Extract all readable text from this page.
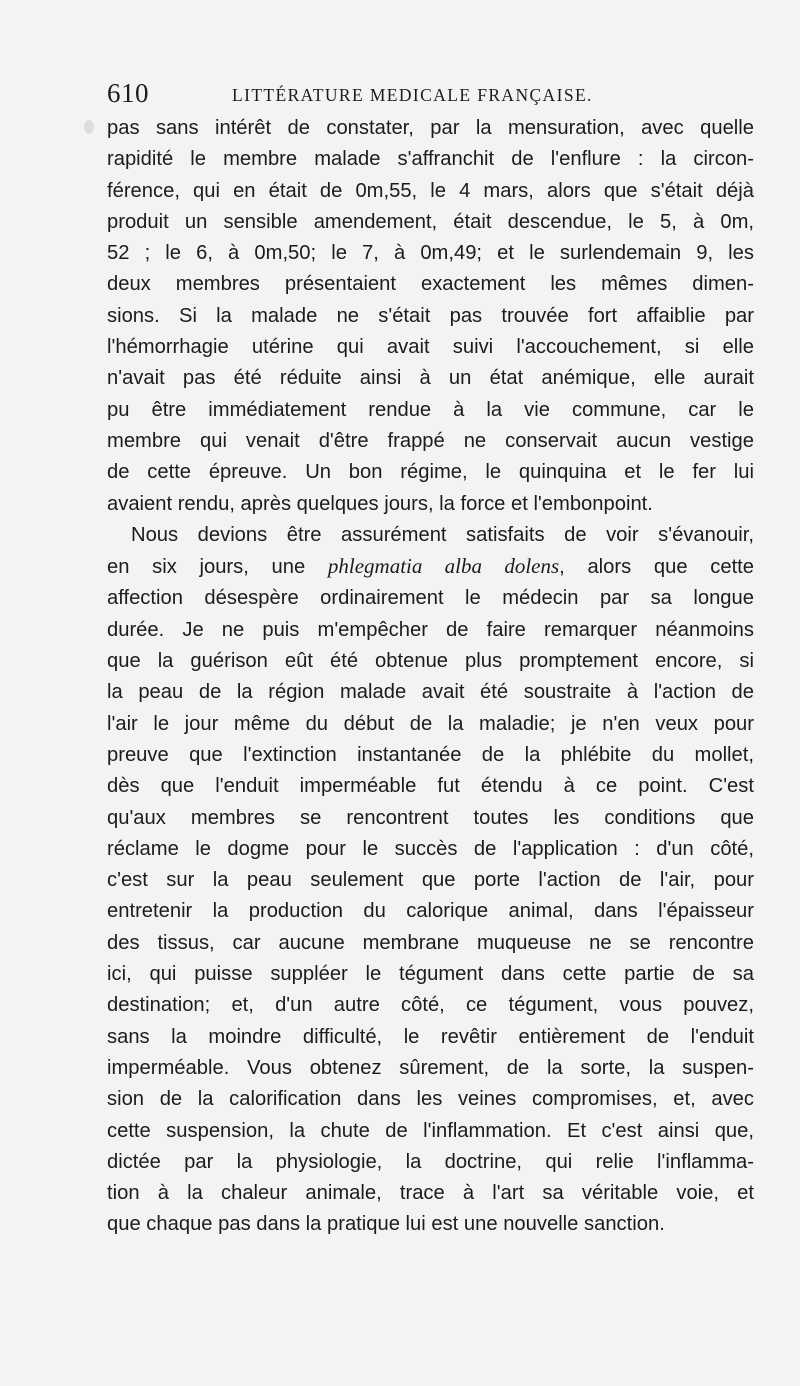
610	LITTÉRATURE MEDICALE FRANÇAISE.
pas sans intérêt de constater, par la mensuration, avec quelle
rapidité le membre malade s'affranchit de l'enflure : la circon-
férence, qui en était de 0m,55, le 4 mars, alors que s'était déjà
produit un sensible amendement, était descendue, le 5, à 0m,
52 ; le 6, à 0m,50; le 7, à 0m,49; et le surlendemain 9, les
deux membres présentaient exactement les mêmes dimen-
sions. Si la malade ne s'était pas trouvée fort affaiblie par
l'hémorrhagie utérine qui avait suivi l'accouchement, si elle
n'avait pas été réduite ainsi à un état anémique, elle aurait
pu être immédiatement rendue à la vie commune, car le
membre qui venait d'être frappé ne conservait aucun vestige
de cette épreuve. Un bon régime, le quinquina et le fer lui
avaient rendu, après quelques jours, la force et l'embonpoint.
Nous devions être assurément satisfaits de voir s'évanouir,
en six jours, une phlegmatia alba dolens, alors que cette
affection désespère ordinairement le médecin par sa longue
durée. Je ne puis m'empêcher de faire remarquer néanmoins
que la guérison eût été obtenue plus promptement encore, si
la peau de la région malade avait été soustraite à l'action de
l'air le jour même du début de la maladie; je n'en veux pour
preuve que l'extinction instantanée de la phlébite du mollet,
dès que l'enduit imperméable fut étendu à ce point. C'est
qu'aux membres se rencontrent toutes les conditions que
réclame le dogme pour le succès de l'application : d'un côté,
c'est sur la peau seulement que porte l'action de l'air, pour
entretenir la production du calorique animal, dans l'épaisseur
des tissus, car aucune membrane muqueuse ne se rencontre
ici, qui puisse suppléer le tégument dans cette partie de sa
destination; et, d'un autre côté, ce tégument, vous pouvez,
sans la moindre difficulté, le revêtir entièrement de l'enduit
imperméable. Vous obtenez sûrement, de la sorte, la suspen-
sion de la calorification dans les veines compromises, et, avec
cette suspension, la chute de l'inflammation. Et c'est ainsi que,
dictée par la physiologie, la doctrine, qui relie l'inflamma-
tion à la chaleur animale, trace à l'art sa véritable voie, et
que chaque pas dans la pratique lui est une nouvelle sanction.
